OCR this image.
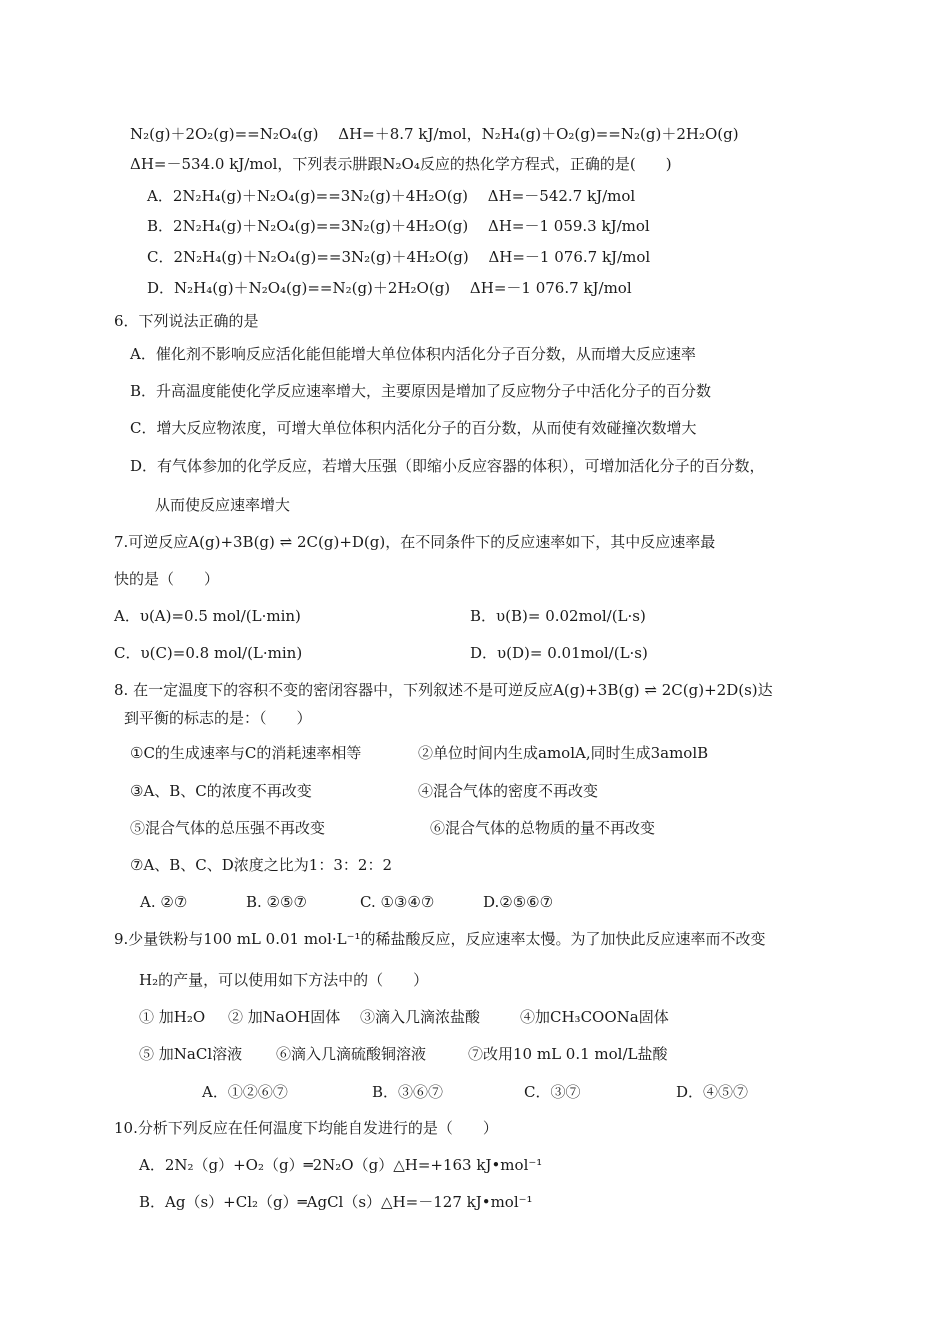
N₂(g)＋2O₂(g)==N₂O₄(g)　 ΔH=＋8.7 kJ/mol，N₂H₄(g)＋O₂(g)==N₂(g)＋2H₂O(g)
ΔH=－534.0 kJ/mol，下列表示肼跟N₂O₄反应的热化学方程式，正确的是(　　)
A．2N₂H₄(g)＋N₂O₄(g)==3N₂(g)＋4H₂O(g)　 ΔH=－542.7 kJ/mol
B．2N₂H₄(g)＋N₂O₄(g)==3N₂(g)＋4H₂O(g)　 ΔH=－1 059.3 kJ/mol
C．2N₂H₄(g)＋N₂O₄(g)==3N₂(g)＋4H₂O(g)　 ΔH=－1 076.7 kJ/mol
D．N₂H₄(g)＋N₂O₄(g)==N₂(g)＋2H₂O(g)　 ΔH=－1 076.7 kJ/mol
6．下列说法正确的是
A．催化剂不影响反应活化能但能增大单位体积内活化分子百分数，从而增大反应速率
B．升高温度能使化学反应速率增大，主要原因是增加了反应物分子中活化分子的百分数
C．增大反应物浓度，可增大单位体积内活化分子的百分数，从而使有效碰撞次数增大
D．有气体参加的化学反应，若增大压强（即缩小反应容器的体积），可增加活化分子的百分数，
从而使反应速率增大
7.可逆反应A(g)+3B(g) ⇌ 2C(g)+D(g)，在不同条件下的反应速率如下，其中反应速率最
快的是（　　）
A．υ(A)=0.5 mol/(L·min)	B．υ(B)= 0.02mol/(L·s)
C．υ(C)=0.8 mol/(L·min)	D．υ(D)= 0.01mol/(L·s)
8. 在一定温度下的容积不变的密闭容器中，下列叙述不是可逆反应A(g)+3B(g) ⇌ 2C(g)+2D(s)达
到平衡的标志的是：（　　）
①C的生成速率与C的消耗速率相等	②单位时间内生成amolA,同时生成3amolB
③A、B、C的浓度不再改变	④混合气体的密度不再改变
⑤混合气体的总压强不再改变	⑥混合气体的总物质的量不再改变
⑦A、B、C、D浓度之比为1：3：2：2
A. ②⑦	B. ②⑤⑦	C. ①③④⑦	D.②⑤⑥⑦
9.少量铁粉与100 mL 0.01 mol·L⁻¹的稀盐酸反应，反应速率太慢。为了加快此反应速率而不改变
H₂的产量，可以使用如下方法中的（　　）
① 加H₂O ② 加NaOH固体 ③滴入几滴浓盐酸	④加CH₃COONa固体
⑤ 加NaCl溶液 ⑥滴入几滴硫酸铜溶液	⑦改用10 mL 0.1 mol/L盐酸
A．①②⑥⑦	B．③⑥⑦	C．③⑦	D．④⑤⑦
10.分析下列反应在任何温度下均能自发进行的是（　　）
A．2N₂（g）+O₂（g）═2N₂O（g）△H=+163 kJ•mol⁻¹
B．Ag（s）+Cl₂（g）═AgCl（s）△H=－127 kJ•mol⁻¹
